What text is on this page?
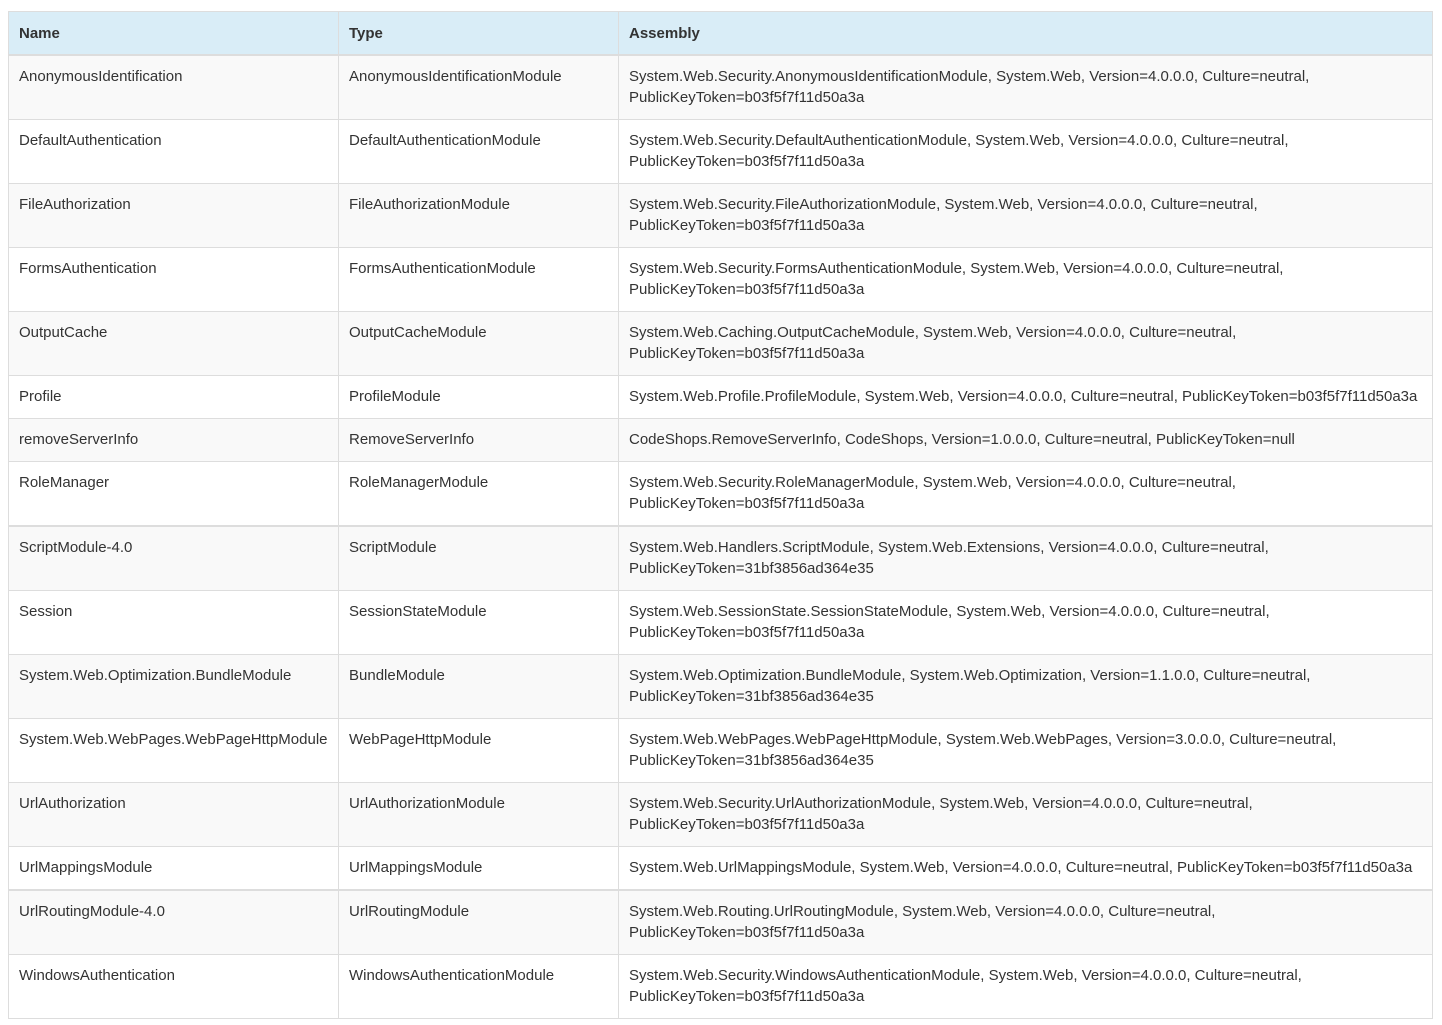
Name	Type	Assembly
AnonymousIdentification	AnonymousIdentificationModule	System.Web.Security.AnonymousIdentificationModule, System.Web, Version=4.0.0.0, Culture=neutral,
PublicKeyToken=b03f5f7f11d50a3a

DefaultAuthentication	DefaultAuthenticationModule	System.Web.Security.DefaultAuthenticationModule, System.Web, Version=4.0.0.0, Culture=neutral,
PublicKeyToken=b03f5f7f11d50a3a

FileAuthorization	FileAuthorizationModule	System.Web.Security.FileAuthorizationModule, System.Web, Version=4.0.0.0, Culture=neutral,
PublicKeyToken=b03f5f7f11d50a3a

FormsAuthentication	FormsAuthenticationModule	System.Web.Security.FormsAuthenticationModule, System.Web, Version=4.0.0.0, Culture=neutral,
PublicKeyToken=b03f5f7f11d50a3a

OutputCache	OutputCacheModule	System.Web.Caching.OutputCacheModule, System.Web, Version=4.0.0.0, Culture=neutral,
PublicKeyToken=b03f5f7f11d50a3a

Profile	ProfileModule	System.Web.Profile.ProfileModule, System.Web, Version=4.0.0.0, Culture=neutral, PublicKeyToken=b03f5f7f11d50a3a

removeServerInfo	RemoveServerInfo	CodeShops.RemoveServerInfo, CodeShops, Version=1.0.0.0, Culture=neutral, PublicKeyToken=null

RoleManager	RoleManagerModule	System.Web.Security.RoleManagerModule, System.Web, Version=4.0.0.0, Culture=neutral,
PublicKeyToken=b03f5f7f11d50a3a

ScriptModule-4.0	ScriptModule	System.Web.Handlers.ScriptModule, System.Web.Extensions, Version=4.0.0.0, Culture=neutral,
PublicKeyToken=31bf3856ad364e35

Session	SessionStateModule	System.Web.SessionState.SessionStateModule, System.Web, Version=4.0.0.0, Culture=neutral,
PublicKeyToken=b03f5f7f11d50a3a

System.Web.Optimization.BundleModule	BundleModule	System.Web.Optimization.BundleModule, System.Web.Optimization, Version=1.1.0.0, Culture=neutral,
PublicKeyToken=31bf3856ad364e35

System.Web.WebPages.WebPageHttpModule	WebPageHttpModule	System.Web.WebPages.WebPageHttpModule, System.Web.WebPages, Version=3.0.0.0, Culture=neutral,
PublicKeyToken=31bf3856ad364e35

UrlAuthorization	UrlAuthorizationModule	System.Web.Security.UrlAuthorizationModule, System.Web, Version=4.0.0.0, Culture=neutral,
PublicKeyToken=b03f5f7f11d50a3a

UrlMappingsModule	UrlMappingsModule	System.Web.UrlMappingsModule, System.Web, Version=4.0.0.0, Culture=neutral, PublicKeyToken=b03f5f7f11d50a3a

UrlRoutingModule-4.0	UrlRoutingModule	System.Web.Routing.UrlRoutingModule, System.Web, Version=4.0.0.0, Culture=neutral,
PublicKeyToken=b03f5f7f11d50a3a

WindowsAuthentication	WindowsAuthenticationModule	System.Web.Security.WindowsAuthenticationModule, System.Web, Version=4.0.0.0, Culture=neutral,
PublicKeyToken=b03f5f7f11d50a3a
